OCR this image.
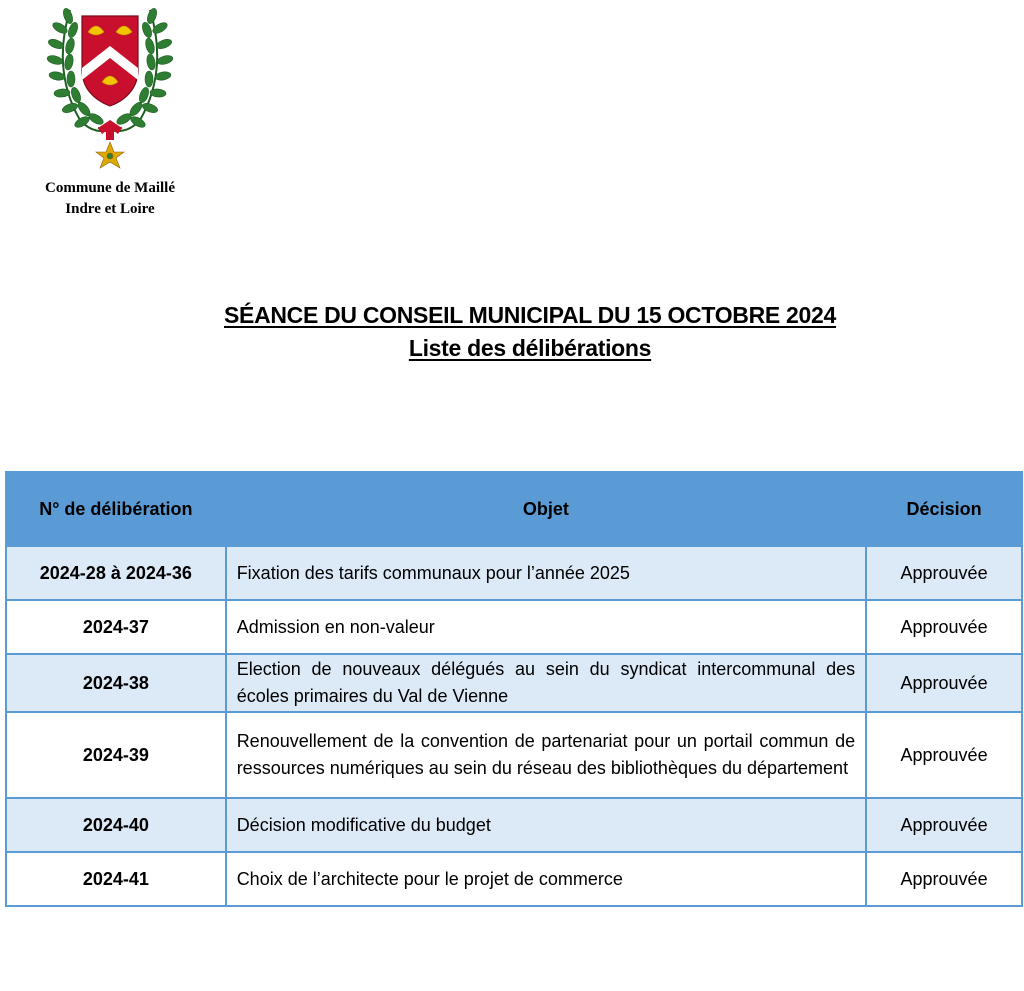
Commune de Maillé
Indre et Loire
SÉANCE DU CONSEIL MUNICIPAL DU 15 OCTOBRE 2024
Liste des délibérations
N° de délibération	Objet	Décision
2024-28 à 2024-36	Fixation des tarifs communaux pour l’année 2025	Approuvée
2024-37	Admission en non-valeur	Approuvée
2024-38	Election de nouveaux délégués au sein du syndicat intercommunal des écoles primaires du Val de Vienne	Approuvée
2024-39	Renouvellement de la convention de partenariat pour un portail commun de ressources numériques au sein du réseau des bibliothèques du département	Approuvée
2024-40	Décision modificative du budget	Approuvée
2024-41	Choix de l’architecte pour le projet de commerce	Approuvée
